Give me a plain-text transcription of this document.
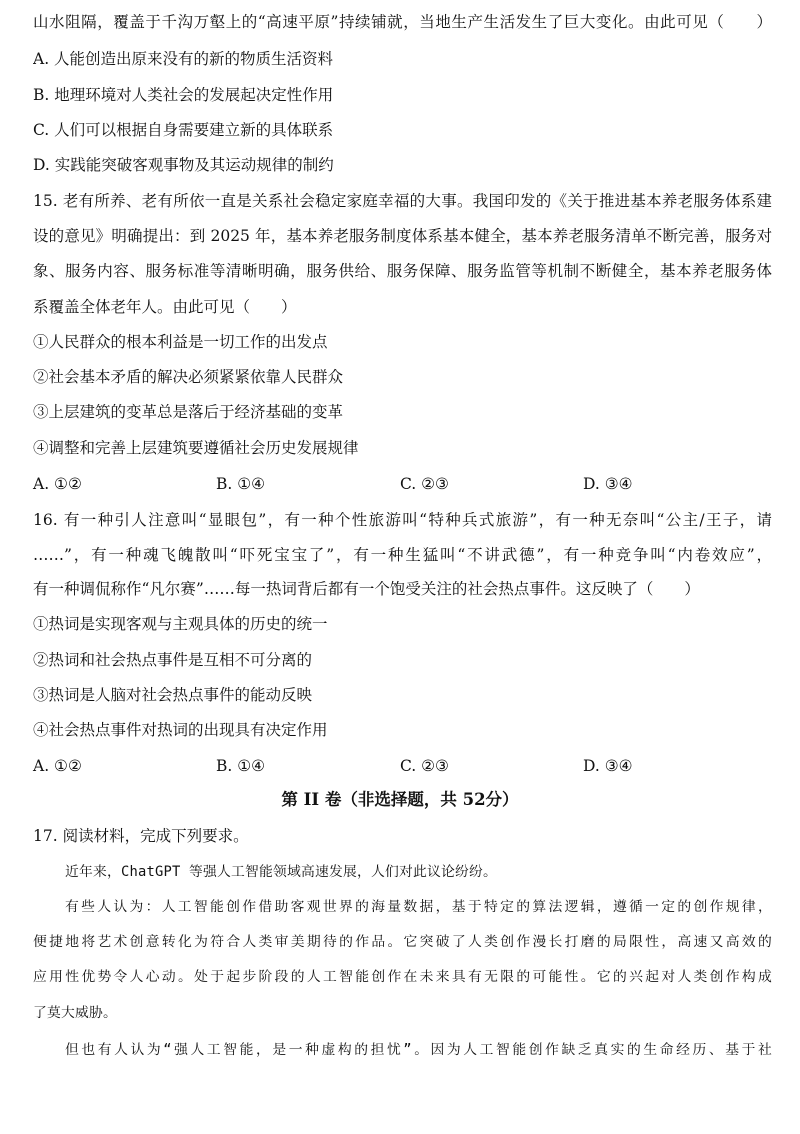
山水阻隔，覆盖于千沟万壑上的“高速平原”持续铺就，当地生产生活发生了巨大变化。由此可见（　　）
A. 人能创造出原来没有的新的物质生活资料
B. 地理环境对人类社会的发展起决定性作用
C. 人们可以根据自身需要建立新的具体联系
D. 实践能突破客观事物及其运动规律的制约
15. 老有所养、老有所依一直是关系社会稳定家庭幸福的大事。我国印发的《关于推进基本养老服务体系建
设的意见》明确提出：到 2025 年，基本养老服务制度体系基本健全，基本养老服务清单不断完善，服务对
象、服务内容、服务标准等清晰明确，服务供给、服务保障、服务监管等机制不断健全，基本养老服务体
系覆盖全体老年人。由此可见（　　）
①人民群众的根本利益是一切工作的出发点
②社会基本矛盾的解决必须紧紧依靠人民群众
③上层建筑的变革总是落后于经济基础的变革
④调整和完善上层建筑要遵循社会历史发展规律
A. ①②	B. ①④	C. ②③	D. ③④
16. 有一种引人注意叫“显眼包”，有一种个性旅游叫“特种兵式旅游”，有一种无奈叫“公主/王子，请
……”，有一种魂飞魄散叫“吓死宝宝了”，有一种生猛叫“不讲武德”，有一种竞争叫“内卷效应”，
有一种调侃称作“凡尔赛”……每一热词背后都有一个饱受关注的社会热点事件。这反映了（　　）
①热词是实现客观与主观具体的历史的统一
②热词和社会热点事件是互相不可分离的
③热词是人脑对社会热点事件的能动反映
④社会热点事件对热词的出现具有决定作用
A. ①②	B. ①④	C. ②③	D. ③④
第 II 卷（非选择题，共 52分）
17. 阅读材料，完成下列要求。
近年来，ChatGPT 等强人工智能领域高速发展，人们对此议论纷纷。
有些人认为：人工智能创作借助客观世界的海量数据，基于特定的算法逻辑，遵循一定的创作规律，
便捷地将艺术创意转化为符合人类审美期待的作品。它突破了人类创作漫长打磨的局限性，高速又高效的
应用性优势令人心动。处于起步阶段的人工智能创作在未来具有无限的可能性。它的兴起对人类创作构成
了莫大威胁。
但也有人认为“强人工智能，是一种虚构的担忧”。因为人工智能创作缺乏真实的生命经历、基于社
